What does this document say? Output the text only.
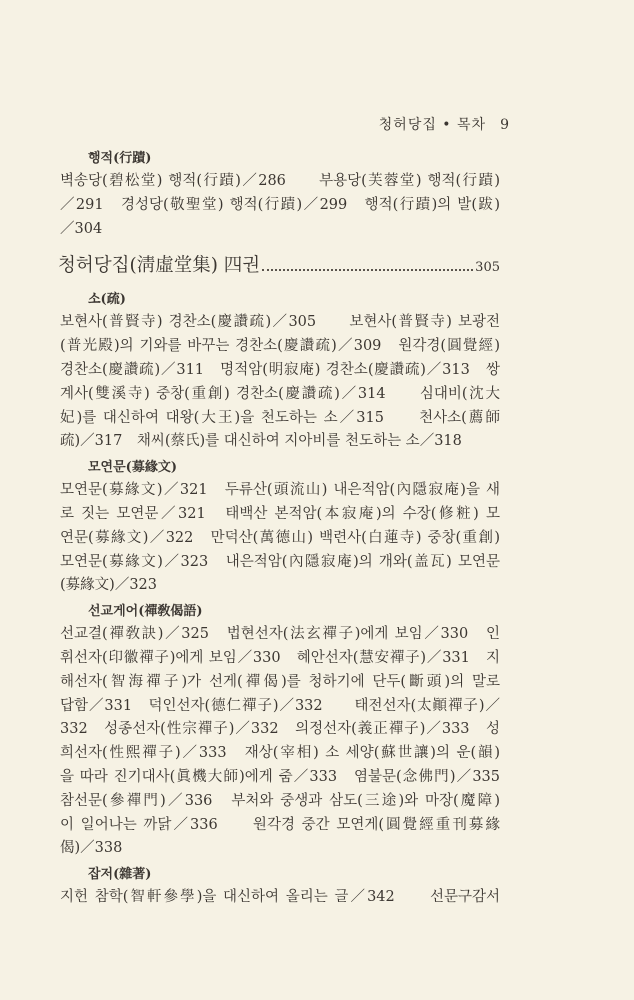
청허당집 • 목차 9
행적(行蹟)
벽송당(碧松堂) 행적(行蹟)／286　　부용당(芙蓉堂) 행적(行蹟)
／291　경성당(敬聖堂) 행적(行蹟)／299　행적(行蹟)의 발(跋)
／304
청허당집(淸虛堂集) 四권	305
소(疏)
보현사(普賢寺) 경찬소(慶讚疏)／305　　보현사(普賢寺) 보광전
(普光殿)의 기와를 바꾸는 경찬소(慶讚疏)／309　원각경(圓覺經)
경찬소(慶讚疏)／311　명적암(明寂庵) 경찬소(慶讚疏)／313　쌍
계사(雙溪寺) 중창(重創) 경찬소(慶讚疏)／314　　심대비(沈大
妃)를 대신하여 대왕(大王)을 천도하는 소／315　　천사소(薦師
疏)／317　채씨(蔡氏)를 대신하여 지아비를 천도하는 소／318
모연문(募緣文)
모연문(募緣文)／321　두류산(頭流山) 내은적암(內隱寂庵)을 새
로 짓는 모연문／321　태백산 본적암(本寂庵)의 수장(修粧) 모
연문(募緣文)／322　만덕산(萬德山) 백련사(白蓮寺) 중창(重創)
모연문(募緣文)／323　내은적암(內隱寂庵)의 개와(盖瓦) 모연문
(募緣文)／323
선교게어(禪敎偈語)
선교결(禪敎訣)／325　법현선자(法玄禪子)에게 보임／330　인
휘선자(印徽禪子)에게 보임／330　혜안선자(慧安禪子)／331　지
해선자(智海禪子)가 선게(禪偈)를 청하기에 단두(斷頭)의 말로
답함／331　덕인선자(德仁禪子)／332　　태전선자(太顚禪子)／
332　성종선자(性宗禪子)／332　의정선자(義正禪子)／333　성
희선자(性熙禪子)／333　재상(宰相) 소 세양(蘇世讓)의 운(韻)
을 따라 진기대사(眞機大師)에게 줌／333　염불문(念佛門)／335
참선문(參禪門)／336　부처와 중생과 삼도(三途)와 마장(魔障)
이 일어나는 까닭／336　　원각경 중간 모연게(圓覺經重刊募緣
偈)／338
잡저(雜著)
지헌 참학(智軒參學)을 대신하여 올리는 글／342　　선문구감서
